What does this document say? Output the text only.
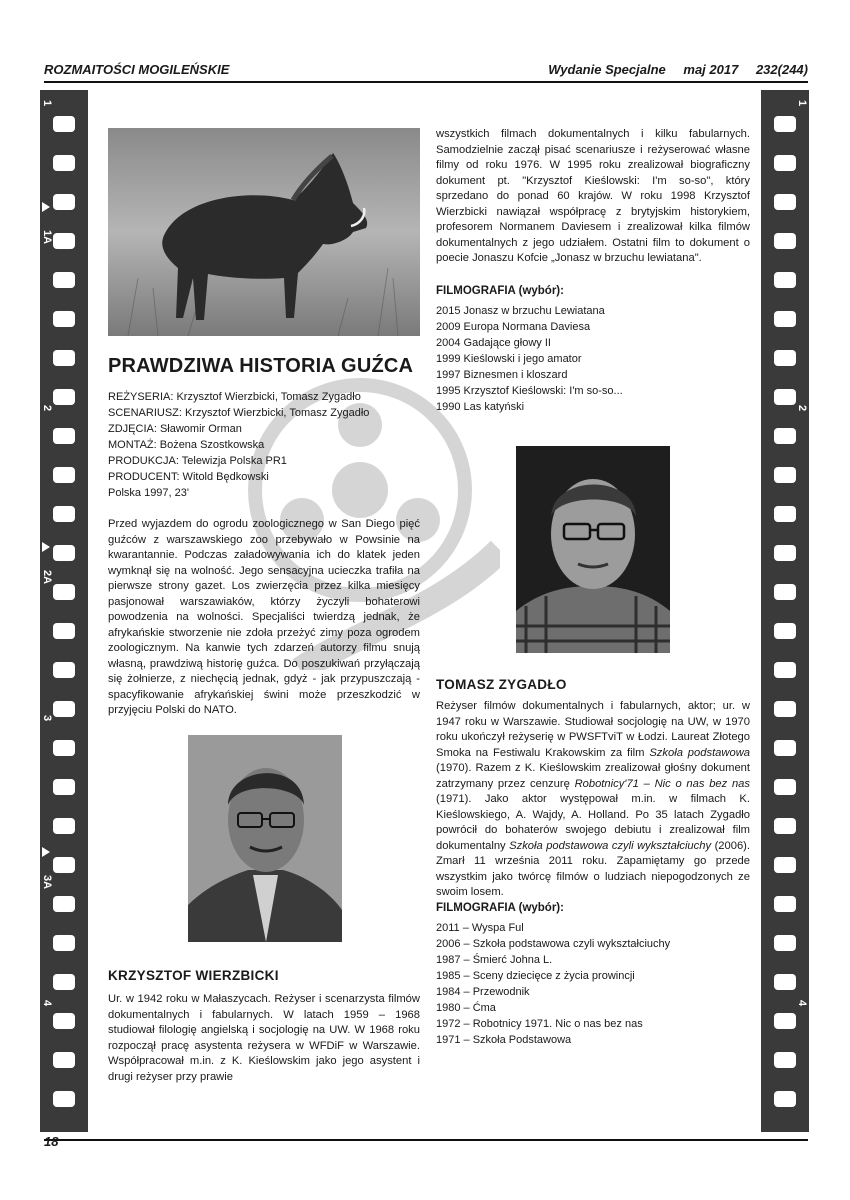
ROZMAITOŚCI MOGILEŃSKIE	Wydanie Specjalne maj 2017 232(244)
1
1A
2
2A
3
3A
4
1
2
4
PRAWDZIWA HISTORIA GUŹCA
REŻYSERIA: Krzysztof Wierzbicki, Tomasz Zygadło
SCENARIUSZ: Krzysztof Wierzbicki, Tomasz Zygadło
ZDJĘCIA: Sławomir Orman
MONTAŻ: Bożena Szostkowska
PRODUKCJA: Telewizja Polska PR1
PRODUCENT: Witold Będkowski
Polska 1997, 23'
Przed wyjazdem do ogrodu zoologicznego w San Diego pięć guźców z warszawskiego zoo przebywało w Powsinie na kwarantannie. Podczas załadowywania ich do klatek jeden wymknął się na wolność. Jego sensacyjna ucieczka trafiła na pierwsze strony gazet. Los zwierzęcia przez kilka miesięcy pasjonował warszawiaków, którzy życzyli bohaterowi powodzenia na wolności. Specjaliści twierdzą jednak, że afrykańskie stworzenie nie zdoła przeżyć zimy poza ogrodem zoologicznym. Na kanwie tych zdarzeń autorzy filmu snują własną, prawdziwą historię guźca. Do poszukiwań przyłączają się żołnierze, z niechęcią jednak, gdyż - jak przypuszczają - spacyfikowanie afrykańskiej świni może przeszkodzić w przyjęciu Polski do NATO.
KRZYSZTOF WIERZBICKI
Ur. w 1942 roku w Małaszycach. Reżyser i scenarzysta filmów dokumentalnych i fabularnych. W latach 1959 – 1968 studiował filologię angielską i socjologię na UW. W 1968 roku rozpoczął pracę asystenta reżysera w WFDiF w Warszawie. Współpracował m.in. z K. Kieślowskim jako jego asystent i drugi reżyser przy prawie
wszystkich filmach dokumentalnych i kilku fabularnych. Samodzielnie zaczął pisać scenariusze i reżyserować własne filmy od roku 1976. W 1995 roku zrealizował biograficzny dokument pt. "Krzysztof Kieślowski: I'm so-so", który sprzedano do ponad 60 krajów. W roku 1998 Krzysztof Wierzbicki nawiązał współpracę z brytyjskim historykiem, profesorem Normanem Daviesem i zrealizował kilka filmów dokumentalnych z jego udziałem. Ostatni film to dokument o poecie Jonaszu Kofcie „Jonasz w brzuchu lewiatana".
FILMOGRAFIA (wybór):
2015 Jonasz w brzuchu Lewiatana
2009 Europa Normana Daviesa
2004 Gadające głowy II
1999 Kieślowski i jego amator
1997 Biznesmen i kloszard
1995 Krzysztof Kieślowski: I'm so-so...
1990 Las katyński
TOMASZ ZYGADŁO
Reżyser filmów dokumentalnych i fabularnych, aktor; ur. w 1947 roku w Warszawie. Studiował socjologię na UW, w 1970 roku ukończył reżyserię w PWSFTviT w Łodzi. Laureat Złotego Smoka na Festiwalu Krakowskim za film Szkoła podstawowa (1970). Razem z K. Kieślowskim zrealizował głośny dokument zatrzymany przez cenzurę Robotnicy'71 – Nic o nas bez nas (1971). Jako aktor występował m.in. w filmach K. Kieślowskiego, A. Wajdy, A. Holland. Po 35 latach Zygadło powrócił do bohaterów swojego debiutu i zrealizował film dokumentalny Szkoła podstawowa czyli wykształciuchy (2006). Zmarł 11 września 2011 roku. Zapamiętamy go przede wszystkim jako twórcę filmów o ludziach niepogodzonych ze swoim losem.
FILMOGRAFIA (wybór):
2011 – Wyspa Ful
2006 – Szkoła podstawowa czyli wykształciuchy
1987 – Śmierć Johna L.
1985 – Sceny dziecięce z życia prowincji
1984 – Przewodnik
1980 – Ćma
1972 – Robotnicy 1971. Nic o nas bez nas
1971 – Szkoła Podstawowa
18
